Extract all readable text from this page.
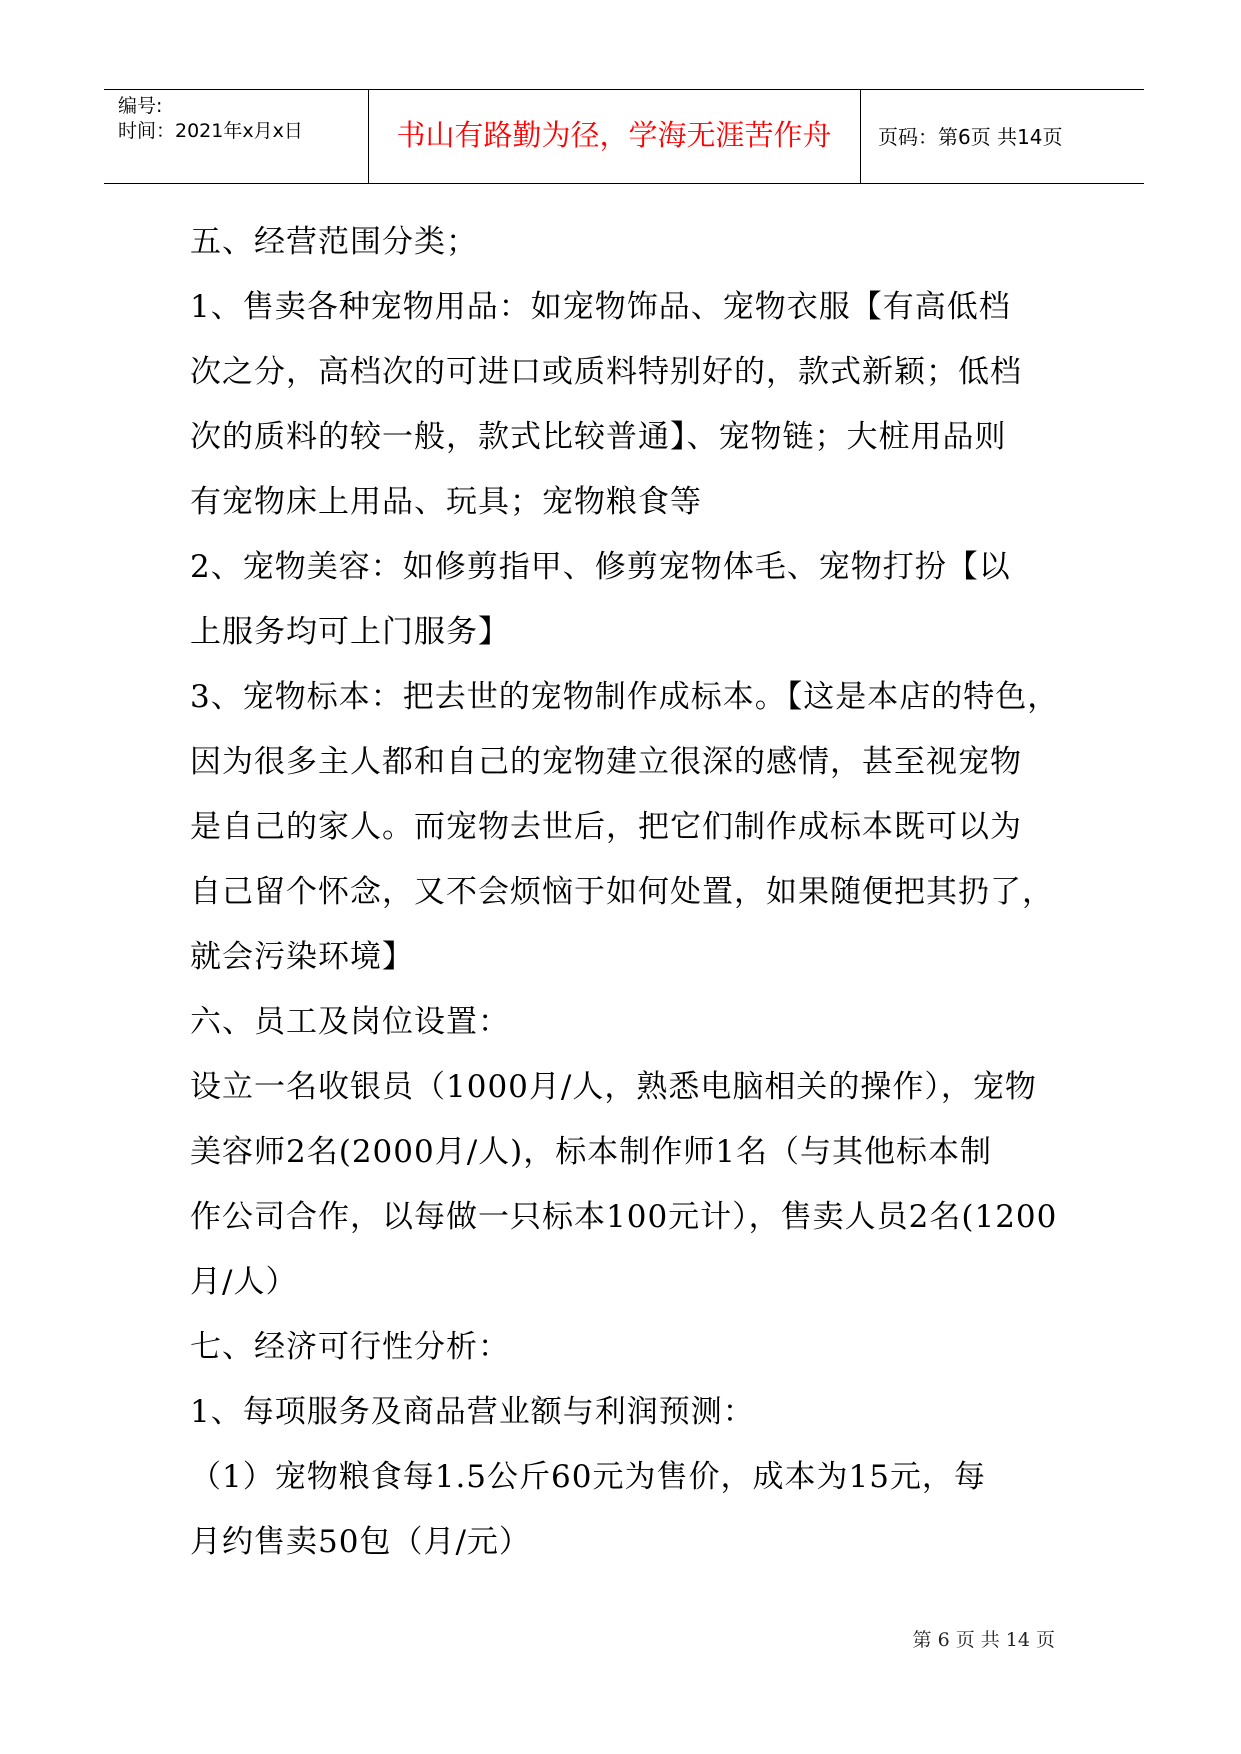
编号:
时间：2021年x月x日	书山有路勤为径，学海无涯苦作舟	页码：第6页 共14页
五、经营范围分类；
1、售卖各种宠物用品：如宠物饰品、宠物衣服【有高低档
次之分，高档次的可进口或质料特别好的，款式新颖；低档
次的质料的较一般，款式比较普通】、宠物链；大桩用品则
有宠物床上用品、玩具；宠物粮食等
2、宠物美容：如修剪指甲、修剪宠物体毛、宠物打扮【以
上服务均可上门服务】
3、宠物标本：把去世的宠物制作成标本。【这是本店的特色，
因为很多主人都和自己的宠物建立很深的感情，甚至视宠物
是自己的家人。而宠物去世后，把它们制作成标本既可以为
自己留个怀念，又不会烦恼于如何处置，如果随便把其扔了，
就会污染环境】
六、员工及岗位设置：
设立一名收银员（1000月/人，熟悉电脑相关的操作），宠物
美容师2名(2000月/人)，标本制作师1名（与其他标本制
作公司合作，以每做一只标本100元计），售卖人员2名(1200
月/人）
七、经济可行性分析：
1、每项服务及商品营业额与利润预测：
（1）宠物粮食每1.5公斤60元为售价，成本为15元，每
月约售卖50包（月/元）
第 6 页 共 14 页
